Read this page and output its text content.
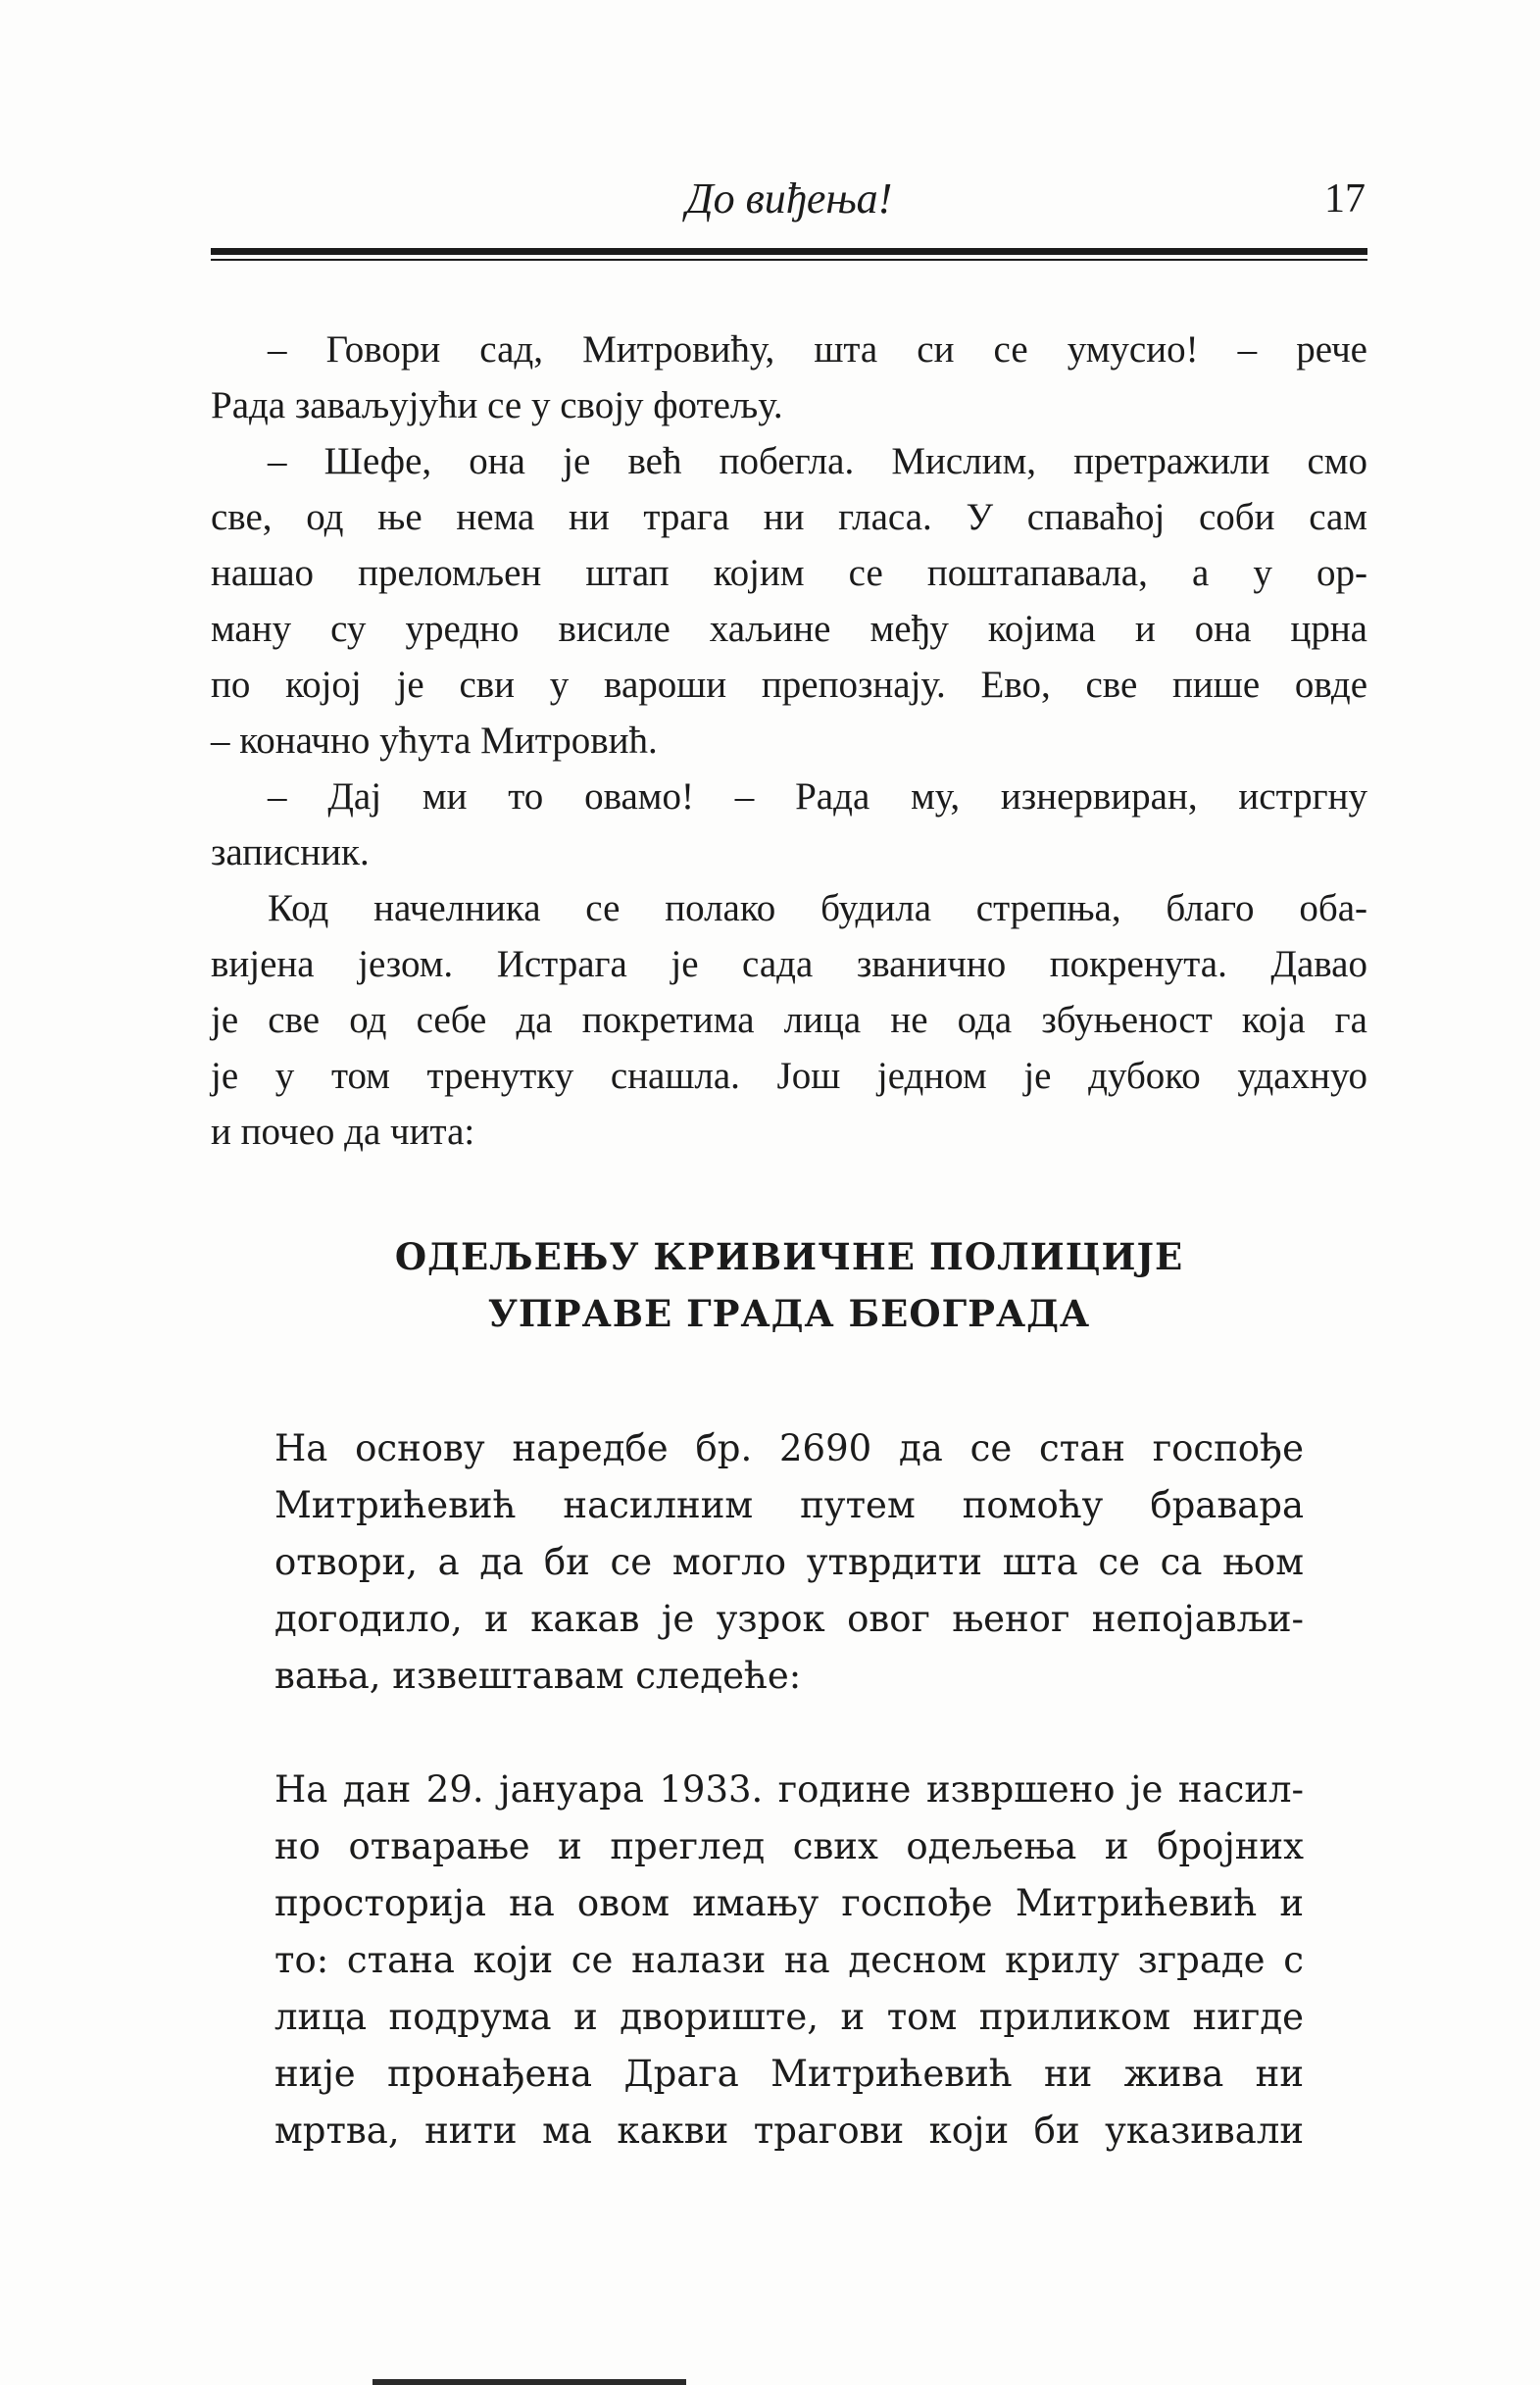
До виђења!	17
– Говори сад, Митровићу, шта си се умусио! – рече
Рада заваљујући се у своју фотељу.
– Шефе, она је већ побегла. Мислим, претражили смо
све, од ње нема ни трага ни гласа. У спаваћој соби сам
нашао преломљен штап којим се поштапавала, а у ор-
ману су уредно висиле хаљине међу којима и она црна
по којој је сви у вароши препознају. Ево, све пише овде
– коначно ућута Митровић.
– Дај ми то овамо! – Рада му, изнервиран, истргну
записник.
Код начелника се полако будила стрепња, благо оба-
вијена језом. Истрага је сада званично покренута. Давао
је све од себе да покретима лица не ода збуњеност која га
је у том тренутку снашла. Још једном је дубоко удахнуо
и почео да чита:
ОДЕЉЕЊУ КРИВИЧНЕ ПОЛИЦИЈЕ
УПРАВЕ ГРАДА БЕОГРАДА
На основу наредбе бр. 2690 да се стан госпође
Митрићевић насилним путем помоћу бравара
отвори, а да би се могло утврдити шта се са њом
догодило, и какав је узрок овог њеног непојављи-
вања, извештавам следеће:
На дан 29. јануара 1933. године извршено је насил-
но отварање и преглед свих одељења и бројних
просторија на овом имању госпође Митрићевић и
то: стана који се налази на десном крилу зграде с
лица подрума и двориште, и том приликом нигде
није пронађена Драга Митрићевић ни жива ни
мртва, нити ма какви трагови који би указивали
